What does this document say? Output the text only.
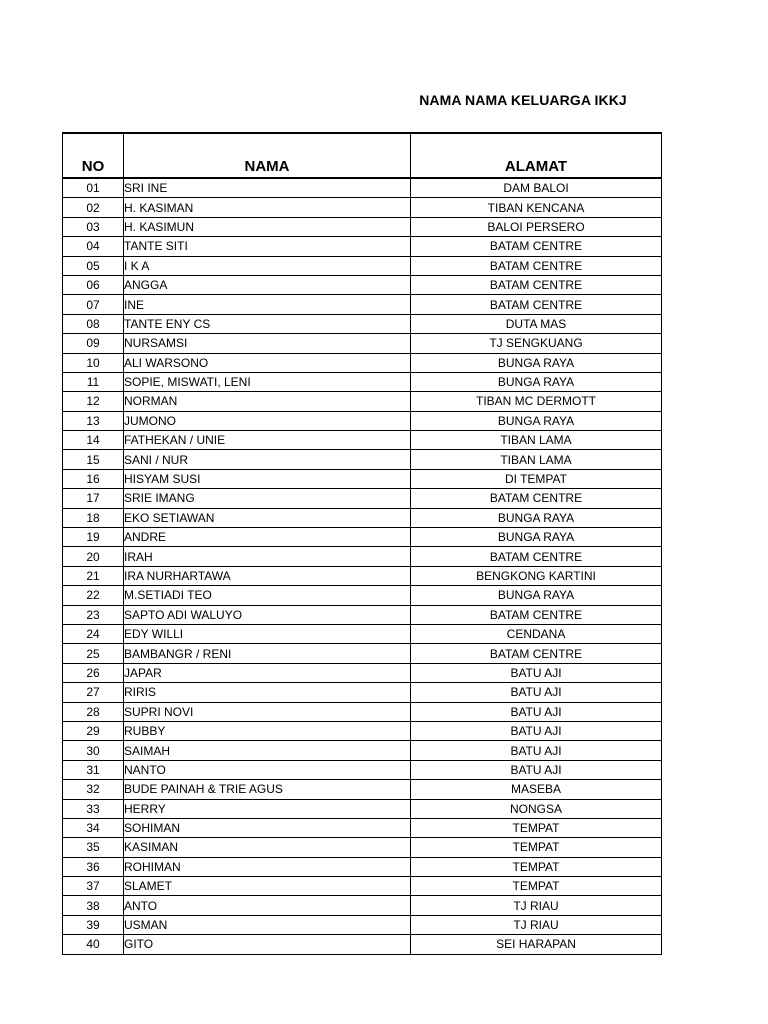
NAMA NAMA KELUARGA IKKJ
NO	NAMA	ALAMAT
01	SRI INE	DAM BALOI
02	H. KASIMAN	TIBAN KENCANA
03	H. KASIMUN	BALOI PERSERO
04	TANTE SITI	BATAM CENTRE
05	I K A	BATAM CENTRE
06	ANGGA	BATAM CENTRE
07	INE	BATAM CENTRE
08	TANTE ENY CS	DUTA MAS
09	NURSAMSI	TJ SENGKUANG
10	ALI WARSONO	BUNGA RAYA
11	SOPIE, MISWATI, LENI	BUNGA RAYA
12	NORMAN	TIBAN MC DERMOTT
13	JUMONO	BUNGA RAYA
14	FATHEKAN / UNIE	TIBAN LAMA
15	SANI / NUR	TIBAN LAMA
16	HISYAM SUSI	DI TEMPAT
17	SRIE IMANG	BATAM CENTRE
18	EKO SETIAWAN	BUNGA RAYA
19	ANDRE	BUNGA RAYA
20	IRAH	BATAM CENTRE
21	IRA NURHARTAWA	BENGKONG KARTINI
22	M.SETIADI TEO	BUNGA RAYA
23	SAPTO ADI WALUYO	BATAM CENTRE
24	EDY WILLI	CENDANA
25	BAMBANGR / RENI	BATAM CENTRE
26	JAPAR	BATU AJI
27	RIRIS	BATU AJI
28	SUPRI NOVI	BATU AJI
29	RUBBY	BATU AJI
30	SAIMAH	BATU AJI
31	NANTO	BATU AJI
32	BUDE PAINAH & TRIE AGUS	MASEBA
33	HERRY	NONGSA
34	SOHIMAN	TEMPAT
35	KASIMAN	TEMPAT
36	ROHIMAN	TEMPAT
37	SLAMET	TEMPAT
38	ANTO	TJ RIAU
39	USMAN	TJ RIAU
40	GITO	SEI HARAPAN
